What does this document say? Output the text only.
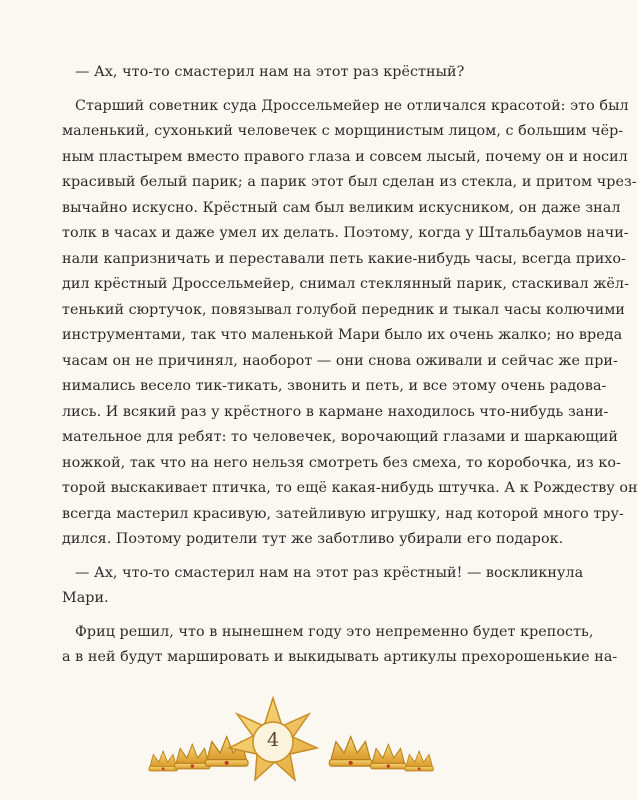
— Ах, что-то смастерил нам на этот раз крёстный?

Старший советник суда Дроссельмейер не отличался красотой: это был
маленький, сухонький человечек с морщинистым лицом, с большим чёр-
ным пластырем вместо правого глаза и совсем лысый, почему он и носил
красивый белый парик; а парик этот был сделан из стекла, и притом чрез-
вычайно искусно. Крёстный сам был великим искусником, он даже знал
толк в часах и даже умел их делать. Поэтому, когда у Штальбаумов начи-
нали капризничать и переставали петь какие-нибудь часы, всегда прихо-
дил крёстный Дроссельмейер, снимал стеклянный парик, стаскивал жёл-
тенький сюртучок, повязывал голубой передник и тыкал часы колючими
инструментами, так что маленькой Мари было их очень жалко; но вреда
часам он не причинял, наоборот — они снова оживали и сейчас же при-
нимались весело тик-тикать, звонить и петь, и все этому очень радова-
лись. И всякий раз у крёстного в кармане находилось что-нибудь зани-
мательное для ребят: то человечек, ворочающий глазами и шаркающий
ножкой, так что на него нельзя смотреть без смеха, то коробочка, из ко-
торой выскакивает птичка, то ещё какая-нибудь штучка. А к Рождеству он
всегда мастерил красивую, затейливую игрушку, над которой много тру-
дился. Поэтому родители тут же заботливо убирали его подарок.

— Ах, что-то смастерил нам на этот раз крёстный! — воскликнула
Мари.

Фриц решил, что в нынешнем году это непременно будет крепость,
а в ней будут маршировать и выкидывать артикулы прехорошенькие на-

4
